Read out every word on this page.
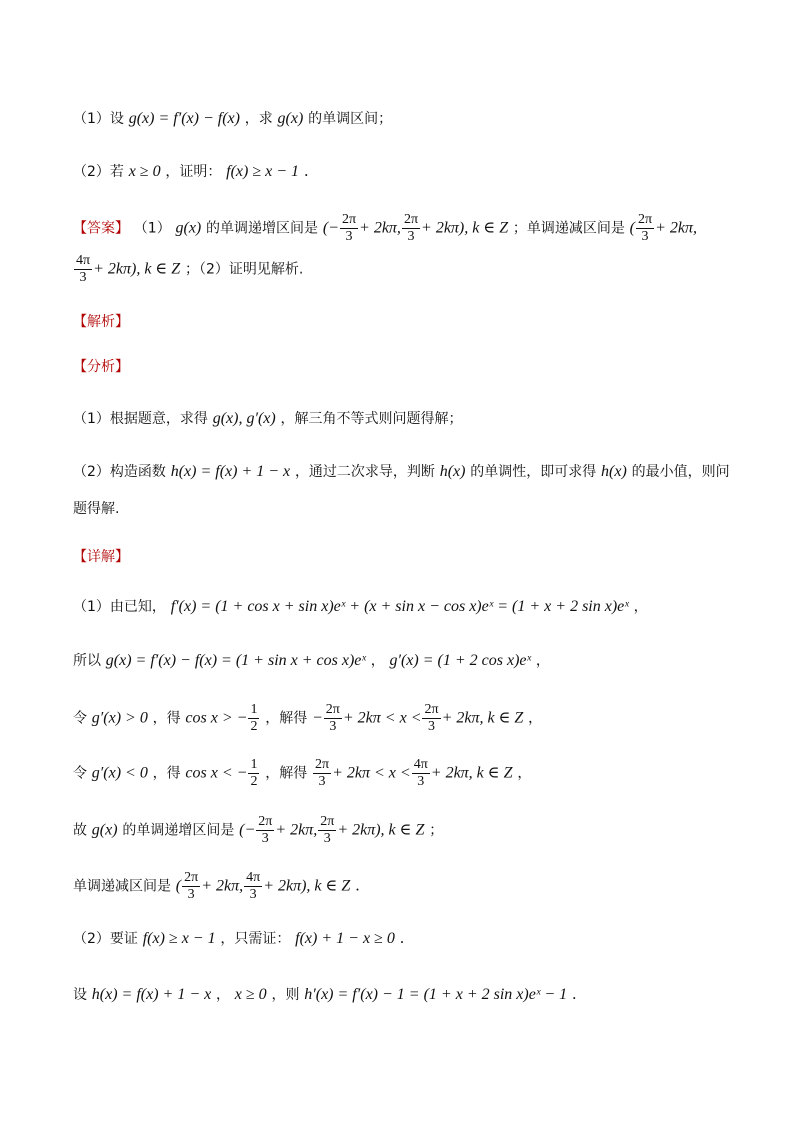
（1）设 g(x) = f′(x) − f(x) ，求 g(x) 的单调区间；
（2）若 x ≥ 0 ，证明： f(x) ≥ x − 1 .
【答案】 （1） g(x) 的单调递增区间是 (− $\frac{2\pi}{3} + 2k\pi$, $\frac{2\pi}{3} + 2k\pi$), k ∈ Z ；单调递减区间是 ( $\frac{2\pi}{3} + 2k\pi$,
$\frac{4\pi}{3} + 2k\pi$), k ∈ Z ；（2）证明见解析.
【解析】
【分析】
（1）根据题意，求得 g(x), g′(x) ，解三角不等式则问题得解；
（2）构造函数 h(x) = f(x) + 1 − x ，通过二次求导，判断 h(x) 的单调性，即可求得 h(x) 的最小值，则问
题得解.
【详解】
（1）由已知， f′(x) = (1 + cos x + sin x)eˣ + (x + sin x − cos x)eˣ = (1 + x + 2 sin x)eˣ ，
所以 g(x) = f′(x) − f(x) = (1 + sin x + cos x)eˣ ， g′(x) = (1 + 2 cos x)eˣ ，
令 g′(x) > 0 ，得 cos x > − $\frac{1}{2}$ ，解得 − $\frac{2\pi}{3} + 2k\pi < x < \frac{2\pi}{3} + 2k\pi$, k ∈ Z ，
令 g′(x) < 0 ，得 cos x < − $\frac{1}{2}$ ，解得 $\frac{2\pi}{3} + 2k\pi < x < \frac{4\pi}{3} + 2k\pi$, k ∈ Z ，
故 g(x) 的单调递增区间是 (− $\frac{2\pi}{3} + 2k\pi$, $\frac{2\pi}{3} + 2k\pi$), k ∈ Z ；
单调递减区间是 ( $\frac{2\pi}{3} + 2k\pi$, $\frac{4\pi}{3} + 2k\pi$), k ∈ Z .
（2）要证 f(x) ≥ x − 1 ，只需证： f(x) + 1 − x ≥ 0 .
设 h(x) = f(x) + 1 − x ， x ≥ 0 ，则 h′(x) = f′(x) − 1 = (1 + x + 2 sin x)eˣ − 1 .
